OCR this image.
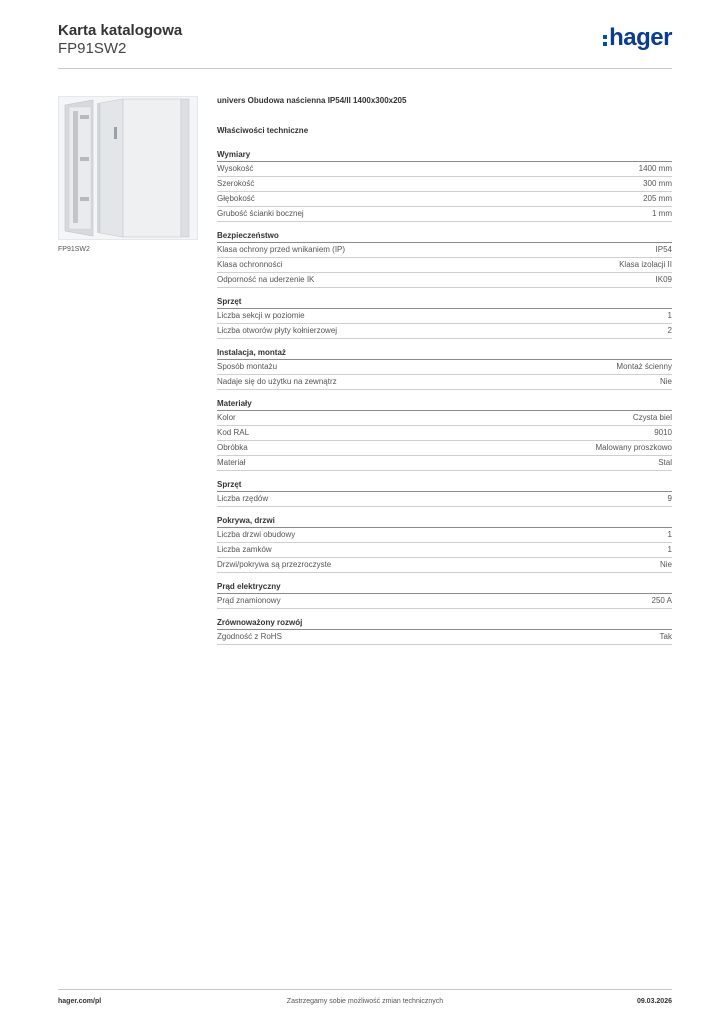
Karta katalogowa
FP91SW2	hager
FP91SW2
univers Obudowa naścienna IP54/II 1400x300x205
Właściwości techniczne
Wymiary
Wysokość	1400 mm
Szerokość	300 mm
Głębokość	205 mm
Grubość ścianki bocznej	1 mm
Bezpieczeństwo
Klasa ochrony przed wnikaniem (IP)	IP54
Klasa ochronności	Klasa izolacji II
Odporność na uderzenie IK	IK09
Sprzęt
Liczba sekcji w poziomie	1
Liczba otworów płyty kołnierzowej	2
Instalacja, montaż
Sposób montażu	Montaż ścienny
Nadaje się do użytku na zewnątrz	Nie
Materiały
Kolor	Czysta biel
Kod RAL	9010
Obróbka	Malowany proszkowo
Materiał	Stal
Sprzęt
Liczba rzędów	9
Pokrywa, drzwi
Liczba drzwi obudowy	1
Liczba zamków	1
Drzwi/pokrywa są przezroczyste	Nie
Prąd elektryczny
Prąd znamionowy	250 A
Zrównoważony rozwój
Zgodność z RoHS	Tak
hager.com/pl	Zastrzegamy sobie możliwość zmian technicznych	09.03.2026
